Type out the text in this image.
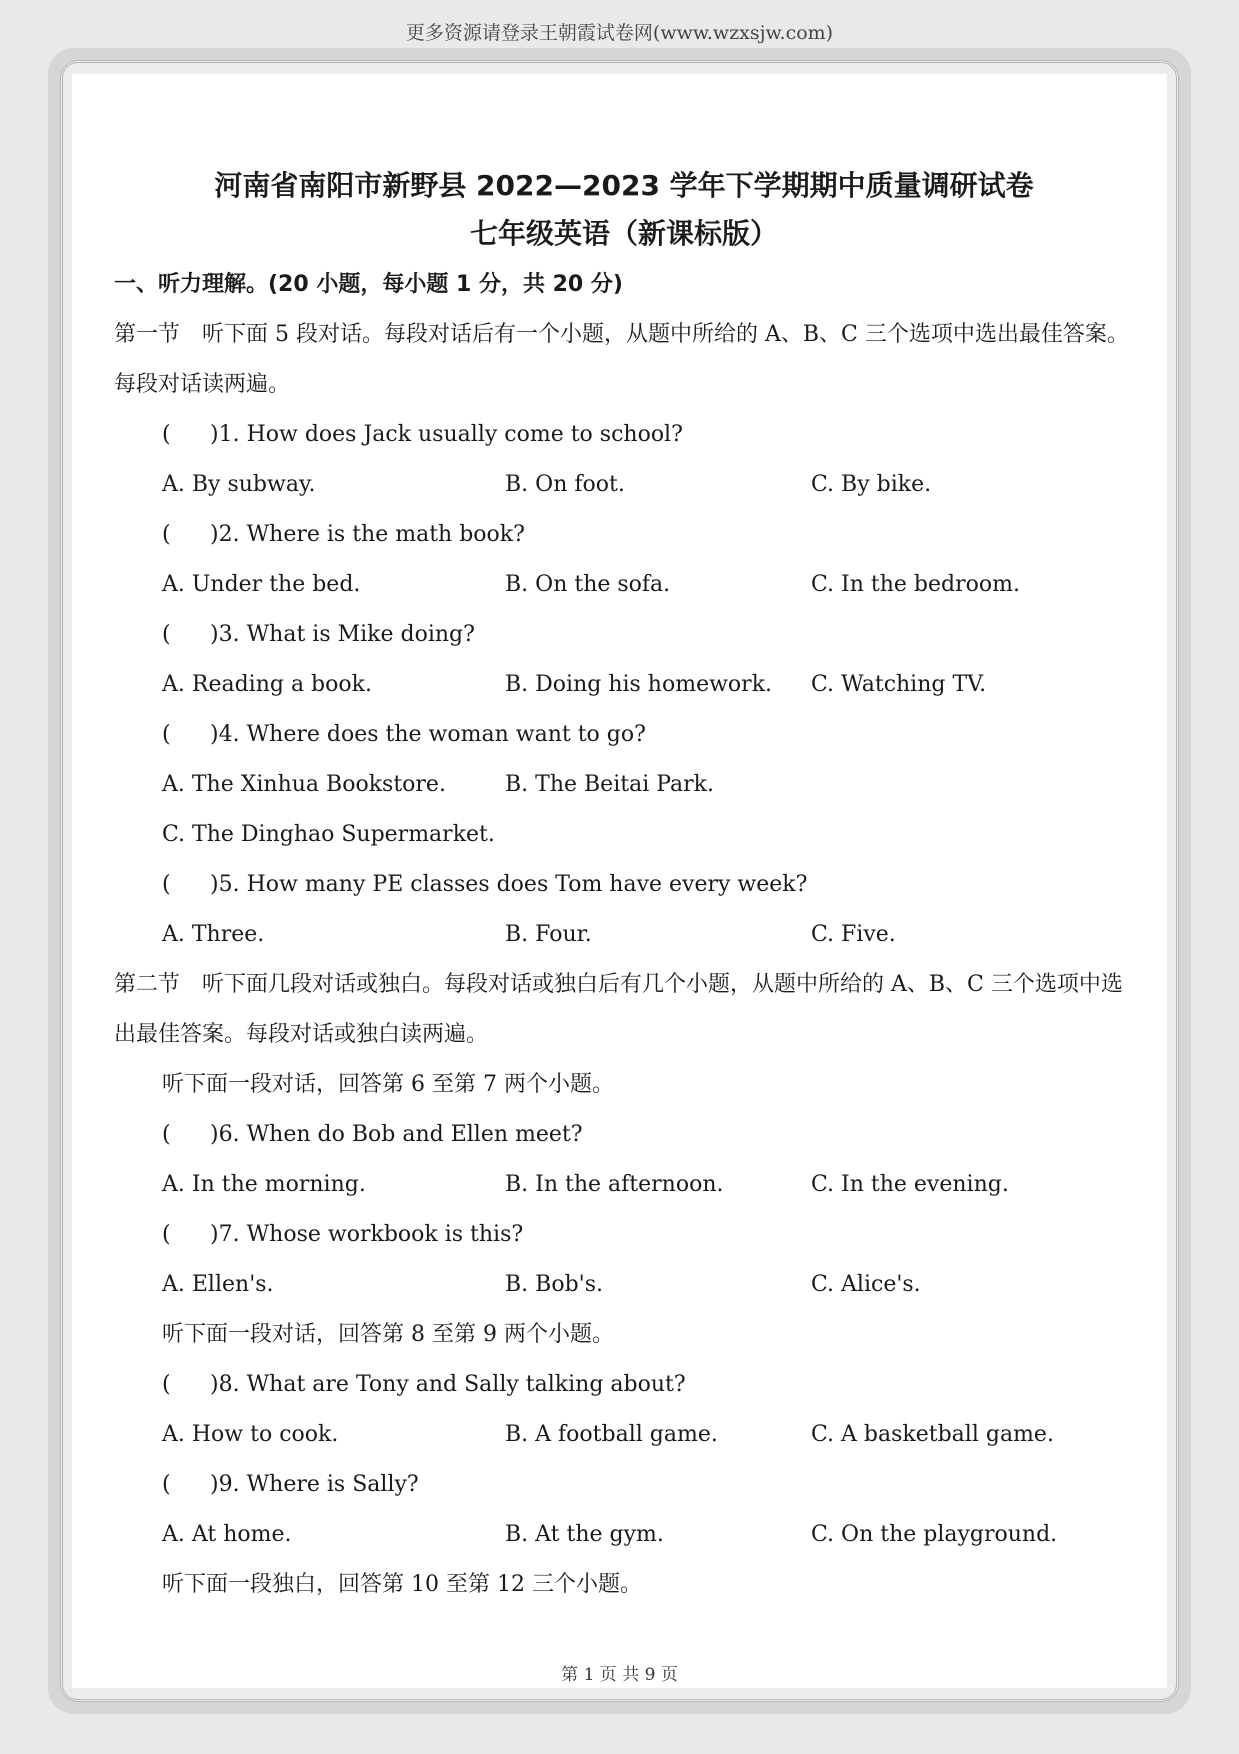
更多资源请登录王朝霞试卷网(www.wzxsjw.com)
河南省南阳市新野县 2022—2023 学年下学期期中质量调研试卷
七年级英语（新课标版）
一、听力理解。(20 小题，每小题 1 分，共 20 分)
第一节　听下面 5 段对话。每段对话后有一个小题，从题中所给的 A、B、C 三个选项中选出最佳答案。每段对话读两遍。
( )1. How does Jack usually come to school?
A. By subway.	B. On foot.	C. By bike.
( )2. Where is the math book?
A. Under the bed.	B. On the sofa.	C. In the bedroom.
( )3. What is Mike doing?
A. Reading a book.	B. Doing his homework.	C. Watching TV.
( )4. Where does the woman want to go?
A. The Xinhua Bookstore.	B. The Beitai Park.
C. The Dinghao Supermarket.
( )5. How many PE classes does Tom have every week?
A. Three.	B. Four.	C. Five.
第二节　听下面几段对话或独白。每段对话或独白后有几个小题，从题中所给的 A、B、C 三个选项中选出最佳答案。每段对话或独白读两遍。
听下面一段对话，回答第 6 至第 7 两个小题。
( )6. When do Bob and Ellen meet?
A. In the morning.	B. In the afternoon.	C. In the evening.
( )7. Whose workbook is this?
A. Ellen's.	B. Bob's.	C. Alice's.
听下面一段对话，回答第 8 至第 9 两个小题。
( )8. What are Tony and Sally talking about?
A. How to cook.	B. A football game.	C. A basketball game.
( )9. Where is Sally?
A. At home.	B. At the gym.	C. On the playground.
听下面一段独白，回答第 10 至第 12 三个小题。
第 1 页 共 9 页
